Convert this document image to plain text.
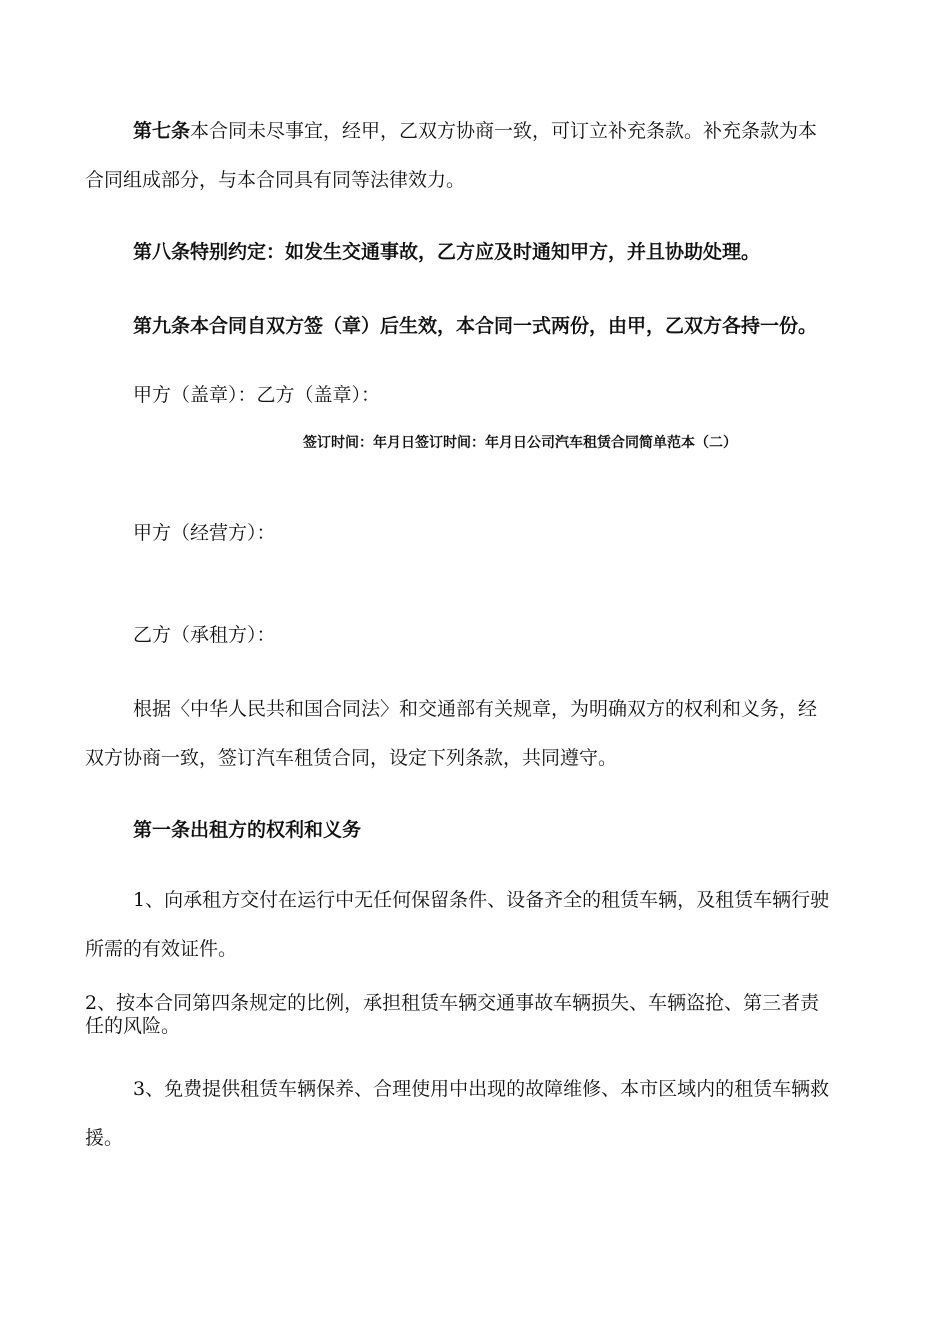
第七条本合同未尽事宜，经甲，乙双方协商一致，可订立补充条款。补充条款为本
合同组成部分，与本合同具有同等法律效力。
第八条特别约定：如发生交通事故，乙方应及时通知甲方，并且协助处理。
第九条本合同自双方签（章）后生效，本合同一式两份，由甲，乙双方各持一份。
甲方（盖章）：乙方（盖章）：
签订时间：年月日签订时间：年月日公司汽车租赁合同简单范本（二）
甲方（经营方）：
乙方（承租方）：
根据〈中华人民共和国合同法〉和交通部有关规章，为明确双方的权利和义务，经
双方协商一致，签订汽车租赁合同，设定下列条款，共同遵守。
第一条出租方的权利和义务
1、向承租方交付在运行中无任何保留条件、设备齐全的租赁车辆，及租赁车辆行驶
所需的有效证件。
2、按本合同第四条规定的比例，承担租赁车辆交通事故车辆损失、车辆盗抢、第三者责
任的风险。
3、免费提供租赁车辆保养、合理使用中出现的故障维修、本市区域内的租赁车辆救
援。
